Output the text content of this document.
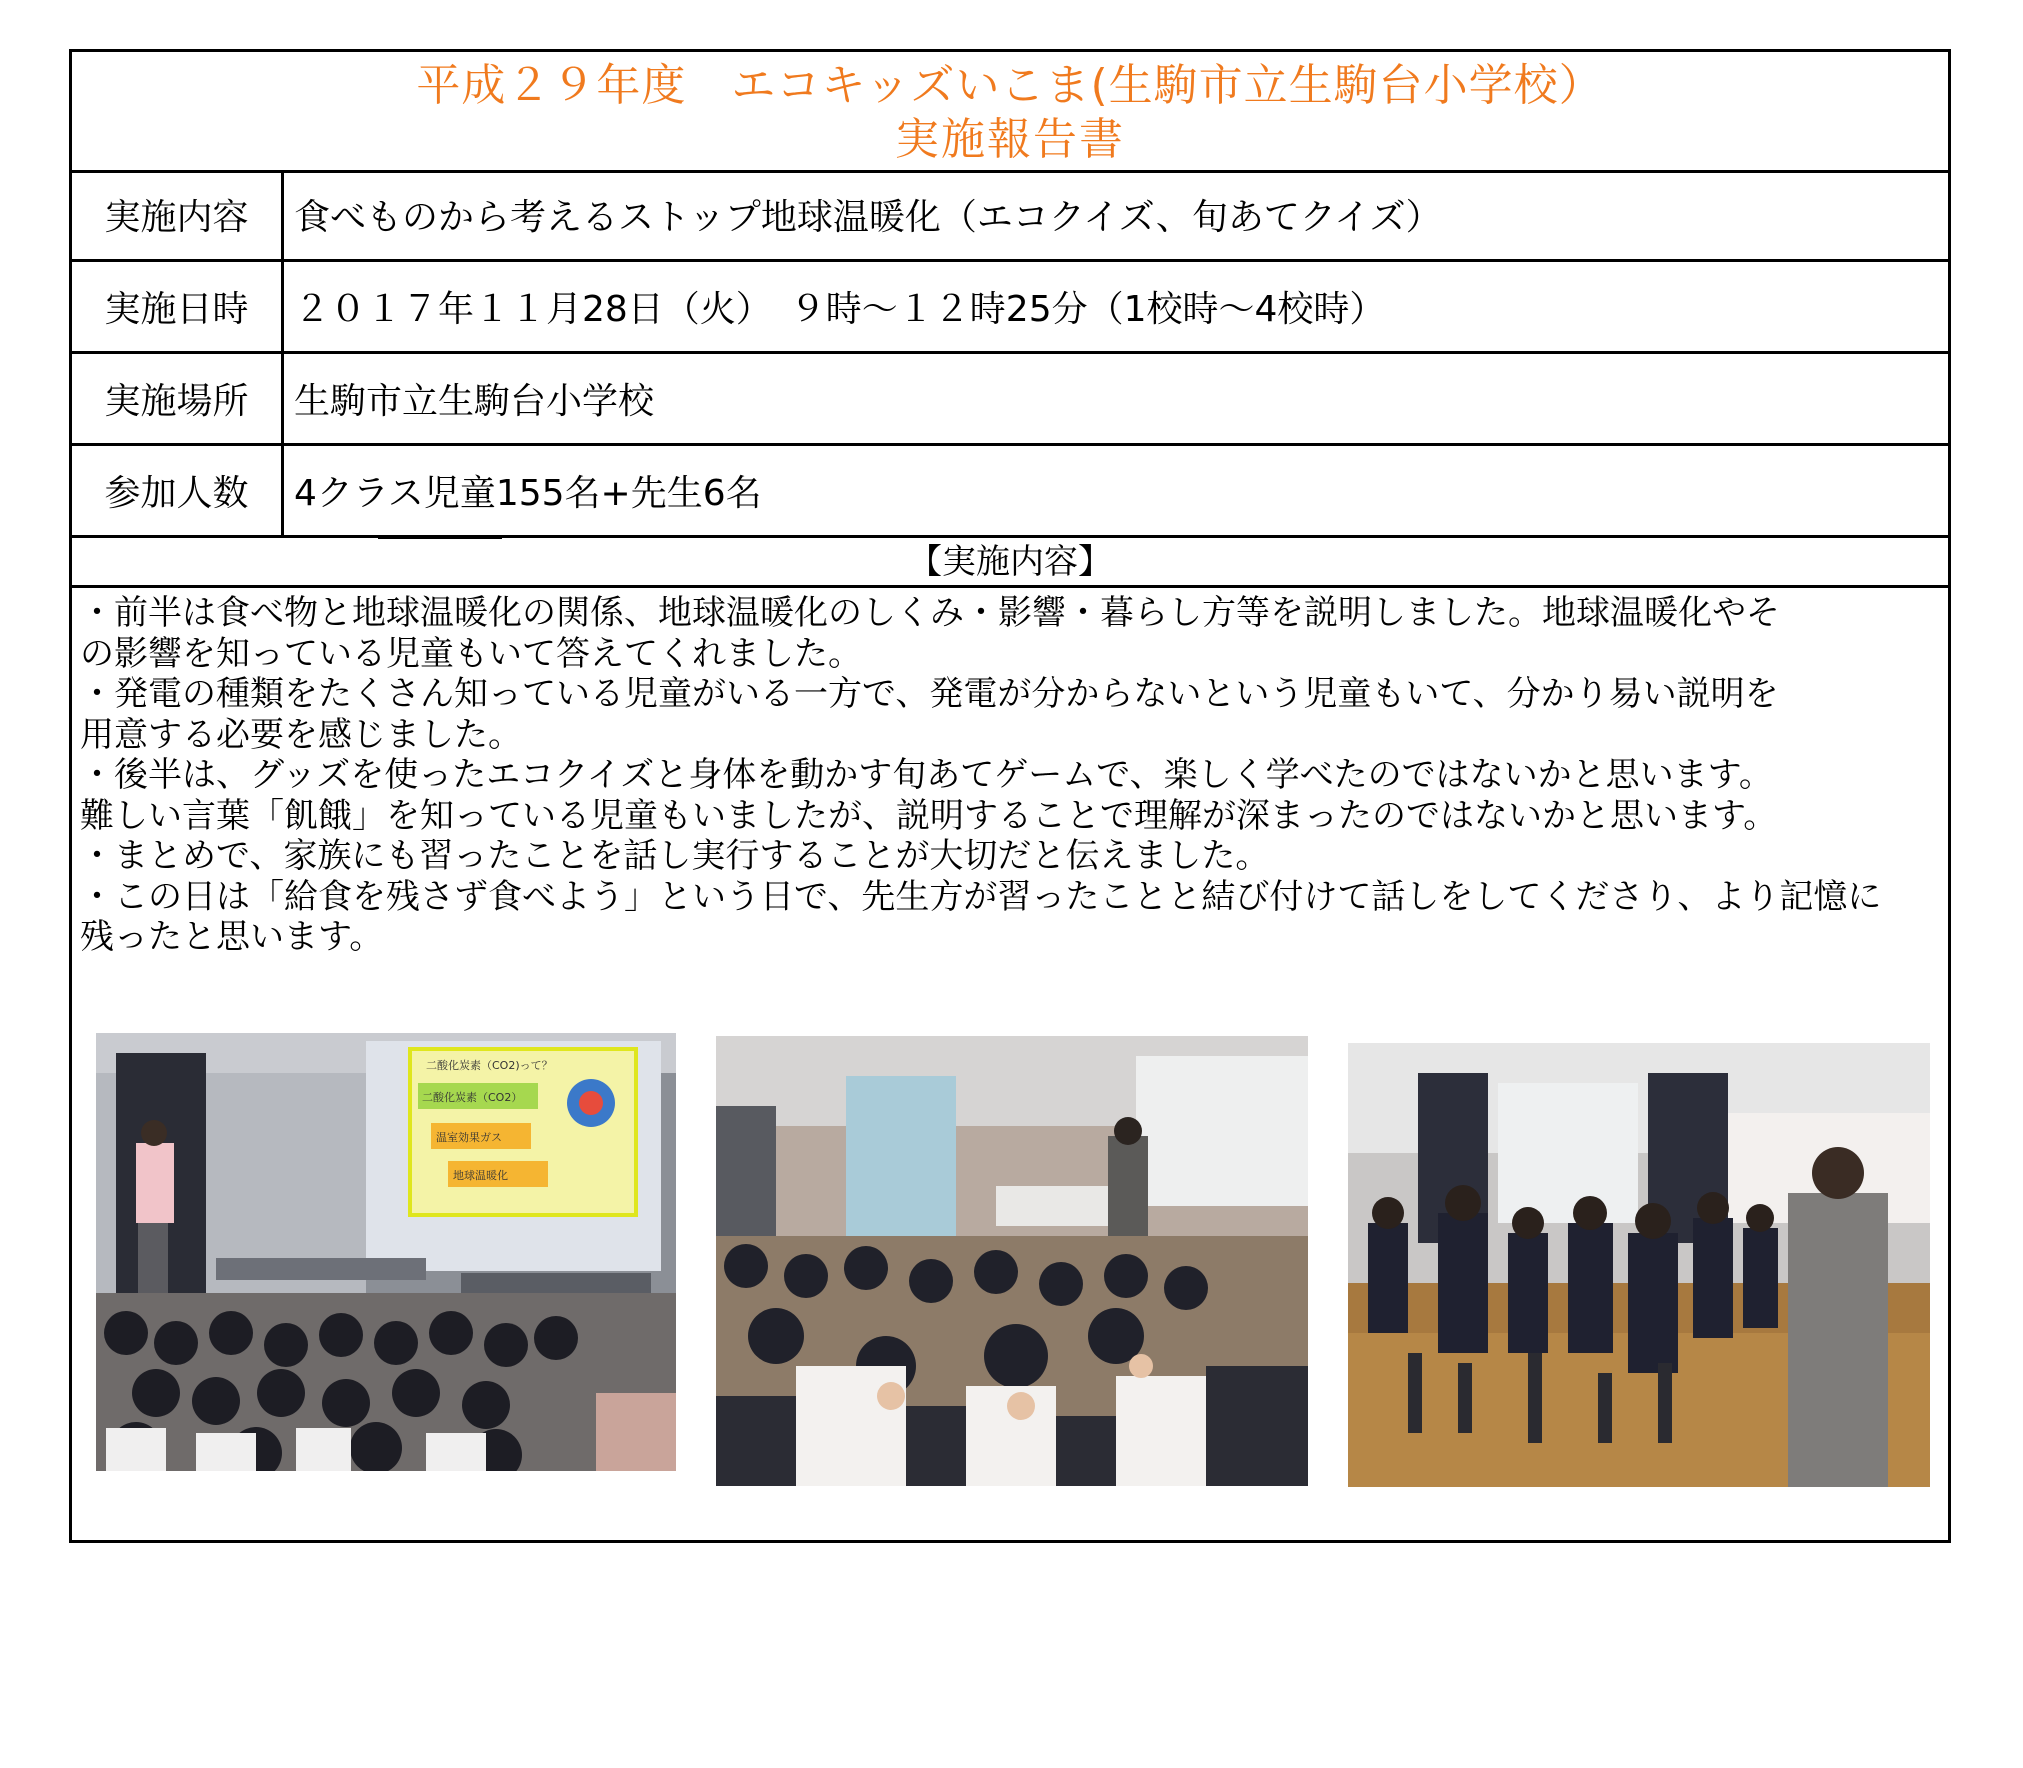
平成２９年度　エコキッズいこま(生駒市立生駒台小学校）
実施報告書
実施内容	食べものから考えるストップ地球温暖化（エコクイズ、旬あてクイズ）
実施日時	２０１７年１１月28日（火）　９時～１２時25分（1校時～4校時）
実施場所	生駒市立生駒台小学校
参加人数	4クラス児童155名+先生6名
【実施内容】

・前半は食べ物と地球温暖化の関係、地球温暖化のしくみ・影響・暮らし方等を説明しました。地球温暖化やそ

の影響を知っている児童もいて答えてくれました。

・発電の種類をたくさん知っている児童がいる一方で、発電が分からないという児童もいて、分かり易い説明を

用意する必要を感じました。

・後半は、グッズを使ったエコクイズと身体を動かす旬あてゲームで、楽しく学べたのではないかと思います。

難しい言葉「飢餓」を知っている児童もいましたが、説明することで理解が深まったのではないかと思います。

・まとめで、家族にも習ったことを話し実行することが大切だと伝えました。

・この日は「給食を残さず食べよう」という日で、先生方が習ったことと結び付けて話しをしてくださり、より記憶に

残ったと思います。

二酸化炭素（CO2)って？
二酸化炭素（CO2）
温室効果ガス
地球温暖化
